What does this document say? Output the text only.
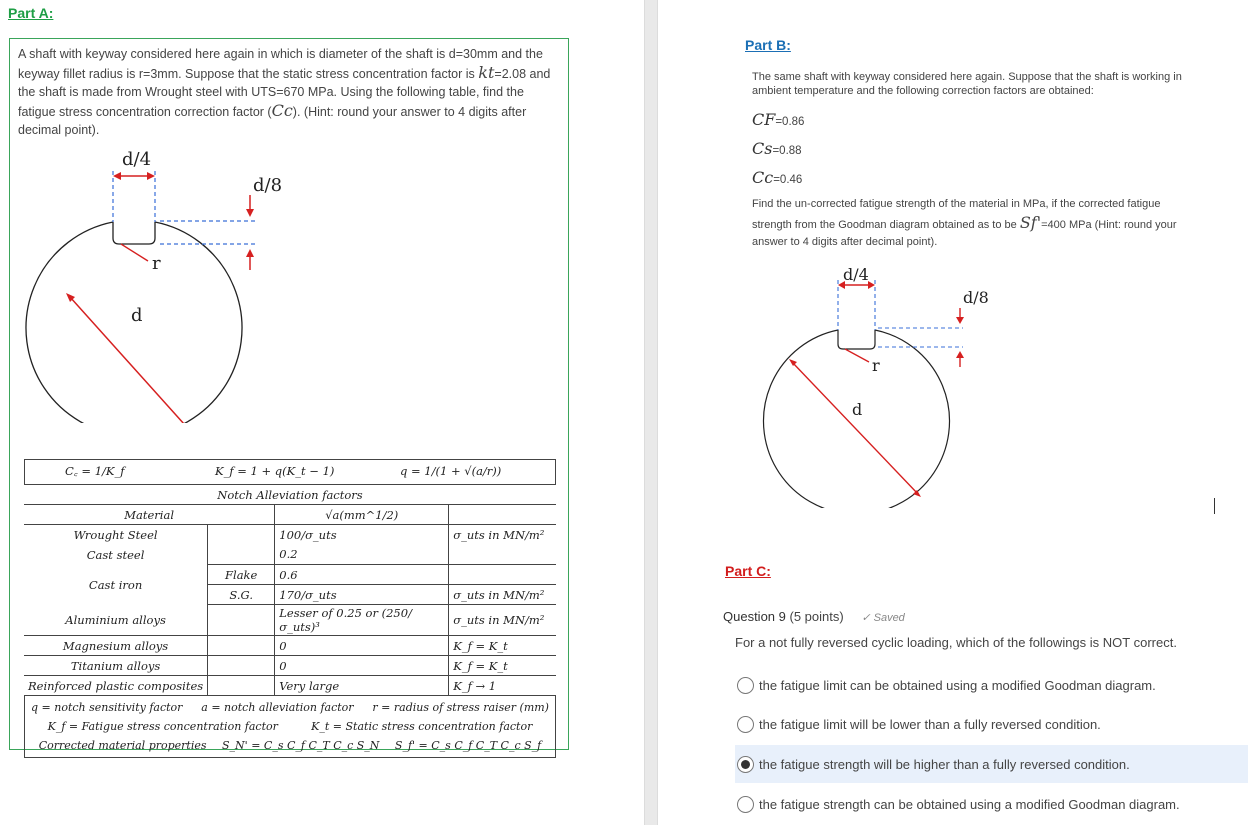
Part A:
A shaft with keyway considered here again in which is diameter of the shaft is d=30mm and the keyway fillet radius is r=3mm. Suppose that the static stress concentration factor is kt=2.08 and the shaft is made from Wrought steel with UTS=670 MPa. Using the following table, find the fatigue stress concentration correction factor (Cc). (Hint: round your answer to 4 digits after decimal point).
d/4
d/8
r
d
C꜀ = 1/K_f	K_f = 1 + q(K_t − 1)	q = 1/(1 + √(a/r))
Notch Alleviation factors			
Material		√a(mm^1/2)	
Wrought Steel		100/σ_uts	σ_uts in MN/m²
Cast steel		0.2	
Cast iron	Flake	0.6	
	S.G.	170/σ_uts	σ_uts in MN/m²
Aluminium alloys		Lesser of 0.25 or (250/σ_uts)³	σ_uts in MN/m²
Magnesium alloys		0	K_f = K_t
Titanium alloys		0	K_f = K_t
Reinforced plastic composites		Very large	K_f → 1
q = notch sensitivity factor a = notch alleviation factor r = radius of stress raiser (mm)
K_f = Fatigue stress concentration factor	K_t = Static stress concentration factor
Corrected material properties S_N' = C_s C_f C_T C_c S_N S_f' = C_s C_f C_T C_c S_f
Part B:
The same shaft with keyway considered here again. Suppose that the shaft is working in ambient temperature and the following correction factors are obtained:
CF=0.86
Cs=0.88
Cc=0.46
Find the un-corrected fatigue strength of the material in MPa, if the corrected fatigue strength from the Goodman diagram obtained as to be Sf'=400 MPa (Hint: round your answer to 4 digits after decimal point).
d/4
d/8
r
d
Part C:
Question 9 (5 points) ✓ Saved
For a not fully reversed cyclic loading, which of the followings is NOT correct.
the fatigue limit can be obtained using a modified Goodman diagram.
the fatigue limit will be lower than a fully reversed condition.
the fatigue strength will be higher than a fully reversed condition.
the fatigue strength can be obtained using a modified Goodman diagram.
